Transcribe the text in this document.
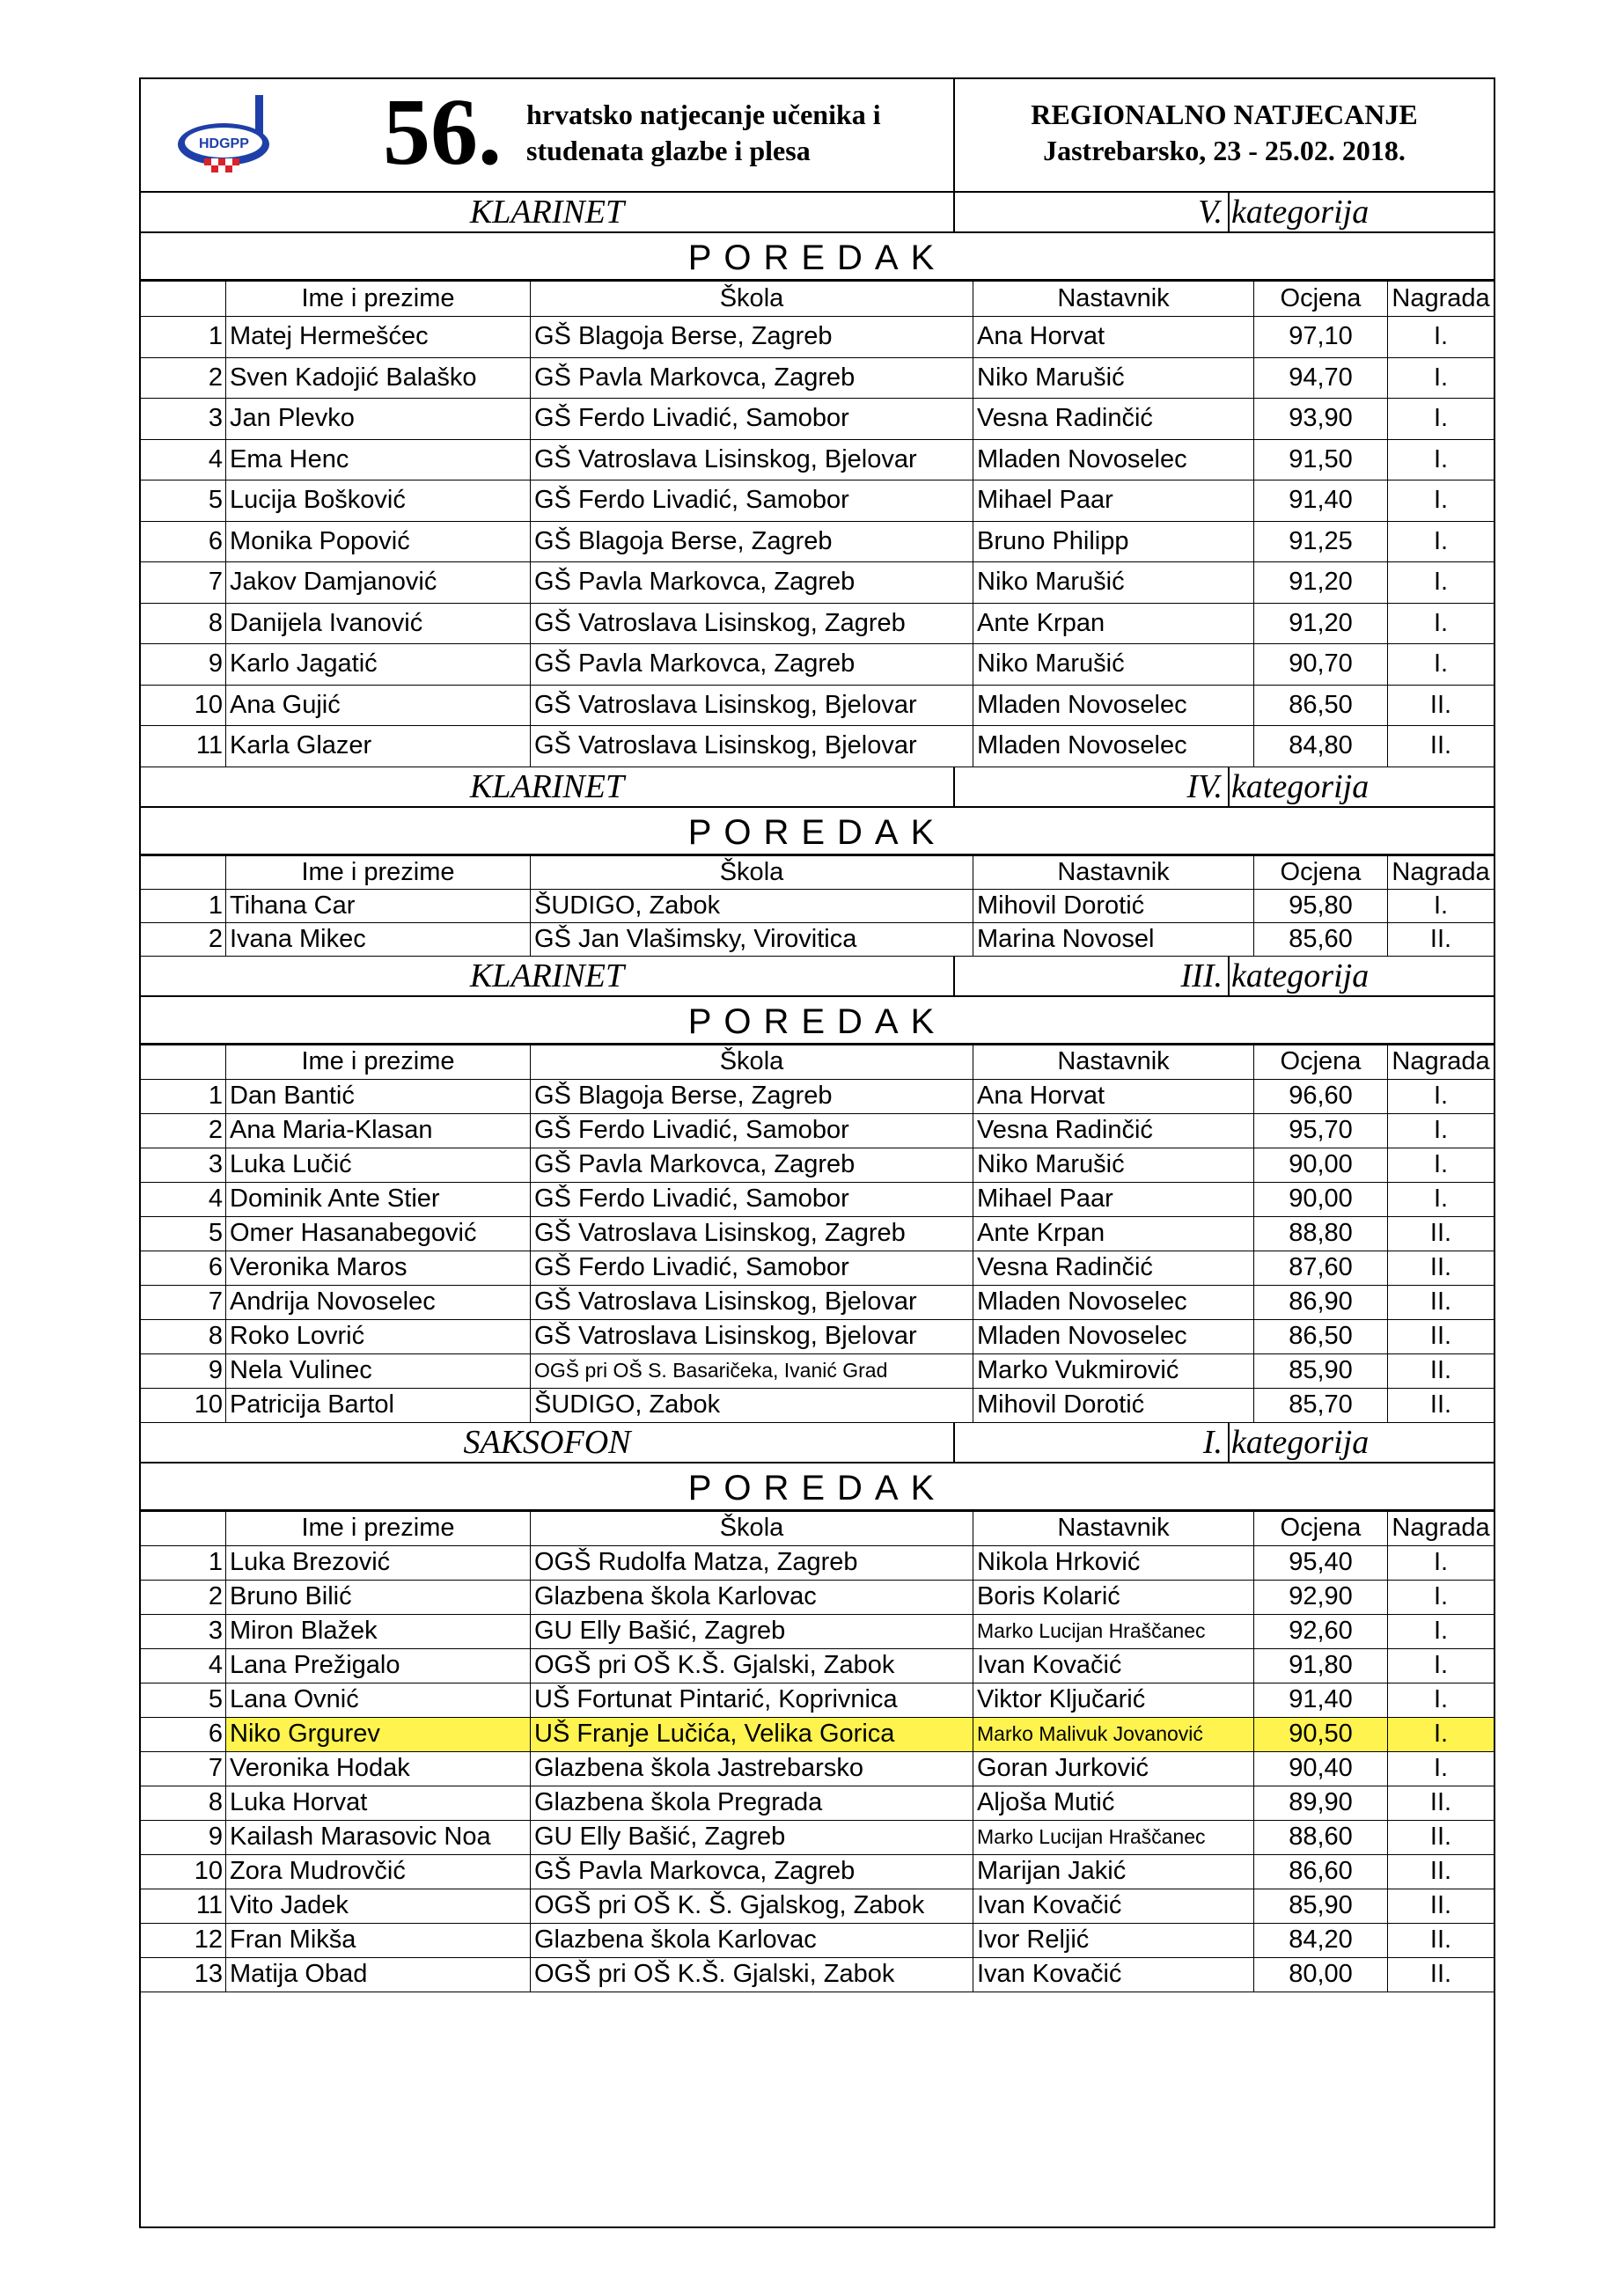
HDGPP 56. hrvatsko natjecanje učenika i
studenata glazbe i plesa
REGIONALNO NATJECANJE
Jastrebarsko, 23 - 25.02. 2018.
KLARINET	V. kategorija
POREDAK
	Ime i prezime	Škola	Nastavnik	Ocjena	Nagrada
1	Matej Hermešćec	GŠ Blagoja Berse, Zagreb	Ana Horvat	97,10	I.
2	Sven Kadojić Balaško	GŠ Pavla Markovca, Zagreb	Niko Marušić	94,70	I.
3	Jan Plevko	GŠ Ferdo Livadić, Samobor	Vesna Radinčić	93,90	I.
4	Ema Henc	GŠ Vatroslava Lisinskog, Bjelovar	Mladen Novoselec	91,50	I.
5	Lucija Bošković	GŠ Ferdo Livadić, Samobor	Mihael Paar	91,40	I.
6	Monika Popović	GŠ Blagoja Berse, Zagreb	Bruno Philipp	91,25	I.
7	Jakov Damjanović	GŠ Pavla Markovca, Zagreb	Niko Marušić	91,20	I.
8	Danijela Ivanović	GŠ Vatroslava Lisinskog, Zagreb	Ante Krpan	91,20	I.
9	Karlo Jagatić	GŠ Pavla Markovca, Zagreb	Niko Marušić	90,70	I.
10	Ana Gujić	GŠ Vatroslava Lisinskog, Bjelovar	Mladen Novoselec	86,50	II.
11	Karla Glazer	GŠ Vatroslava Lisinskog, Bjelovar	Mladen Novoselec	84,80	II.
KLARINET	IV. kategorija
POREDAK
	Ime i prezime	Škola	Nastavnik	Ocjena	Nagrada
1	Tihana Car	ŠUDIGO, Zabok	Mihovil Dorotić	95,80	I.
2	Ivana Mikec	GŠ Jan Vlašimsky, Virovitica	Marina Novosel	85,60	II.
KLARINET	III. kategorija
POREDAK
	Ime i prezime	Škola	Nastavnik	Ocjena	Nagrada
1	Dan Bantić	GŠ Blagoja Berse, Zagreb	Ana Horvat	96,60	I.
2	Ana Maria-Klasan	GŠ Ferdo Livadić, Samobor	Vesna Radinčić	95,70	I.
3	Luka Lučić	GŠ Pavla Markovca, Zagreb	Niko Marušić	90,00	I.
4	Dominik Ante Stier	GŠ Ferdo Livadić, Samobor	Mihael Paar	90,00	I.
5	Omer Hasanabegović	GŠ Vatroslava Lisinskog, Zagreb	Ante Krpan	88,80	II.
6	Veronika Maros	GŠ Ferdo Livadić, Samobor	Vesna Radinčić	87,60	II.
7	Andrija Novoselec	GŠ Vatroslava Lisinskog, Bjelovar	Mladen Novoselec	86,90	II.
8	Roko Lovrić	GŠ Vatroslava Lisinskog, Bjelovar	Mladen Novoselec	86,50	II.
9	Nela Vulinec	OGŠ pri OŠ S. Basaričeka, Ivanić Grad	Marko Vukmirović	85,90	II.
10	Patricija Bartol	ŠUDIGO, Zabok	Mihovil Dorotić	85,70	II.
SAKSOFON	I. kategorija
POREDAK
	Ime i prezime	Škola	Nastavnik	Ocjena	Nagrada
1	Luka Brezović	OGŠ Rudolfa Matza, Zagreb	Nikola Hrković	95,40	I.
2	Bruno Bilić	Glazbena škola Karlovac	Boris Kolarić	92,90	I.
3	Miron Blažek	GU Elly Bašić, Zagreb	Marko Lucijan Hraščanec	92,60	I.
4	Lana Prežigalo	OGŠ pri OŠ K.Š. Gjalski, Zabok	Ivan Kovačić	91,80	I.
5	Lana Ovnić	UŠ Fortunat Pintarić, Koprivnica	Viktor Ključarić	91,40	I.
6	Niko Grgurev	UŠ Franje Lučića, Velika Gorica	Marko Malivuk Jovanović	90,50	I.
7	Veronika Hodak	Glazbena škola Jastrebarsko	Goran Jurković	90,40	I.
8	Luka Horvat	Glazbena škola Pregrada	Aljoša Mutić	89,90	II.
9	Kailash Marasovic Noa	GU Elly Bašić, Zagreb	Marko Lucijan Hraščanec	88,60	II.
10	Zora Mudrovčić	GŠ Pavla Markovca, Zagreb	Marijan Jakić	86,60	II.
11	Vito Jadek	OGŠ pri OŠ K. Š. Gjalskog, Zabok	Ivan Kovačić	85,90	II.
12	Fran Mikša	Glazbena škola Karlovac	Ivor Reljić	84,20	II.
13	Matija Obad	OGŠ pri OŠ K.Š. Gjalski, Zabok	Ivan Kovačić	80,00	II.
